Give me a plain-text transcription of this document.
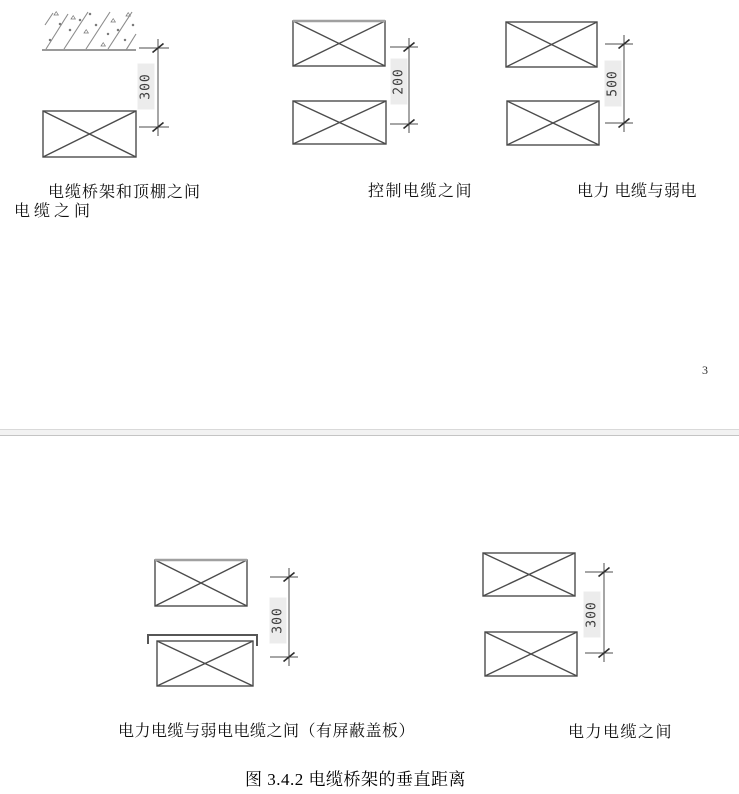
300	200	500
300	300
电缆桥架和顶棚之间
电缆之间
控制电缆之间	电力 电缆与弱电
电力电缆与弱电电缆之间（有屏蔽盖板）	电力电缆之间
3
图 3.4.2 电缆桥架的垂直距离
